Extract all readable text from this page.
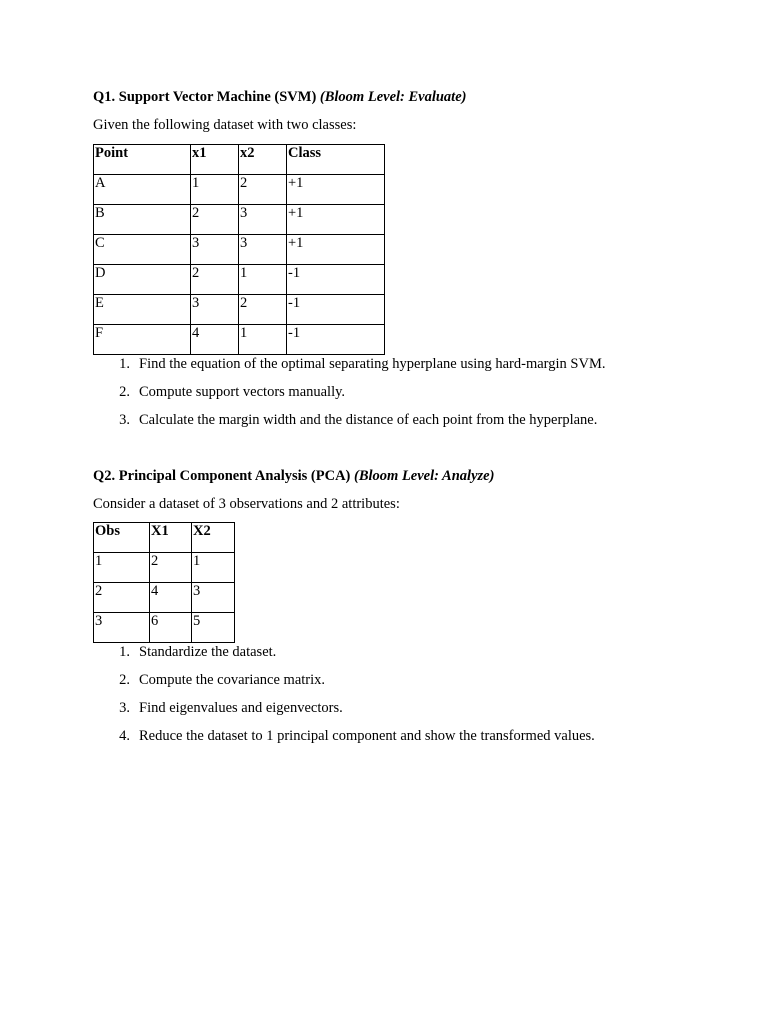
Q1. Support Vector Machine (SVM) (Bloom Level: Evaluate)
Given the following dataset with two classes:
Point	x1	x2	Class
A	1	2	+1
B	2	3	+1
C	3	3	+1
D	2	1	-1
E	3	2	-1
F	4	1	-1
1. Find the equation of the optimal separating hyperplane using hard-margin SVM.
2. Compute support vectors manually.
3. Calculate the margin width and the distance of each point from the hyperplane.
Q2. Principal Component Analysis (PCA) (Bloom Level: Analyze)
Consider a dataset of 3 observations and 2 attributes:
Obs	X1	X2
1	2	1
2	4	3
3	6	5
1. Standardize the dataset.
2. Compute the covariance matrix.
3. Find eigenvalues and eigenvectors.
4. Reduce the dataset to 1 principal component and show the transformed values.
